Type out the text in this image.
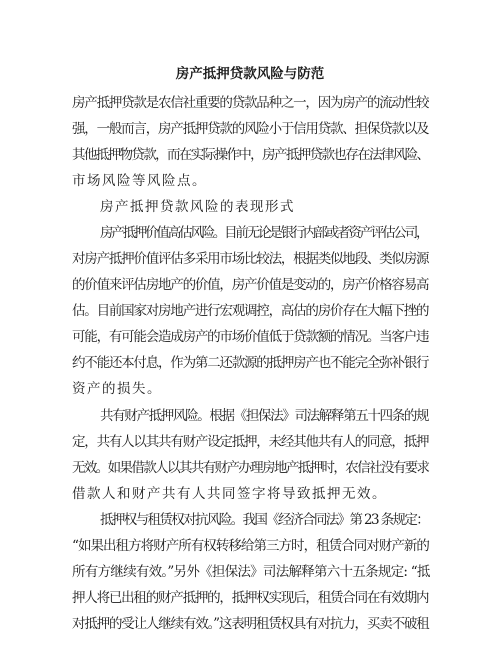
房产抵押贷款风险与防范
房产抵押贷款是农信社重要的贷款品种之一，因为房产的流动性较
强，一般而言，房产抵押贷款的风险小于信用贷款、担保贷款以及
其他抵押物贷款，而在实际操作中，房产抵押贷款也存在法律风险、
市场风险等风险点。
房产抵押贷款风险的表现形式
房产抵押价值高估风险。目前无论是银行内部或者资产评估公司，
对房产抵押价值评估多采用市场比较法，根据类似地段、类似房源
的价值来评估房地产的价值，房产价值是变动的，房产价格容易高
估。目前国家对房地产进行宏观调控，高估的房价存在大幅下挫的
可能，有可能会造成房产的市场价值低于贷款额的情况。当客户违
约不能还本付息，作为第二还款源的抵押房产也不能完全弥补银行
资产的损失。
共有财产抵押风险。根据《担保法》司法解释第五十四条的规
定，共有人以其共有财产设定抵押，未经其他共有人的同意，抵押
无效。如果借款人以其共有财产办理房地产抵押时，农信社没有要求
借款人和财产共有人共同签字将导致抵押无效。
抵押权与租赁权对抗风险。我国《经济合同法》第 23 条规定：
“如果出租方将财产所有权转移给第三方时，租赁合同对财产新的
所有方继续有效。”另外《担保法》司法解释第六十五条规定: “抵
押人将已出租的财产抵押的，抵押权实现后，租赁合同在有效期内
对抵押的受让人继续有效。”这表明租赁权具有对抗力，买卖不破租
